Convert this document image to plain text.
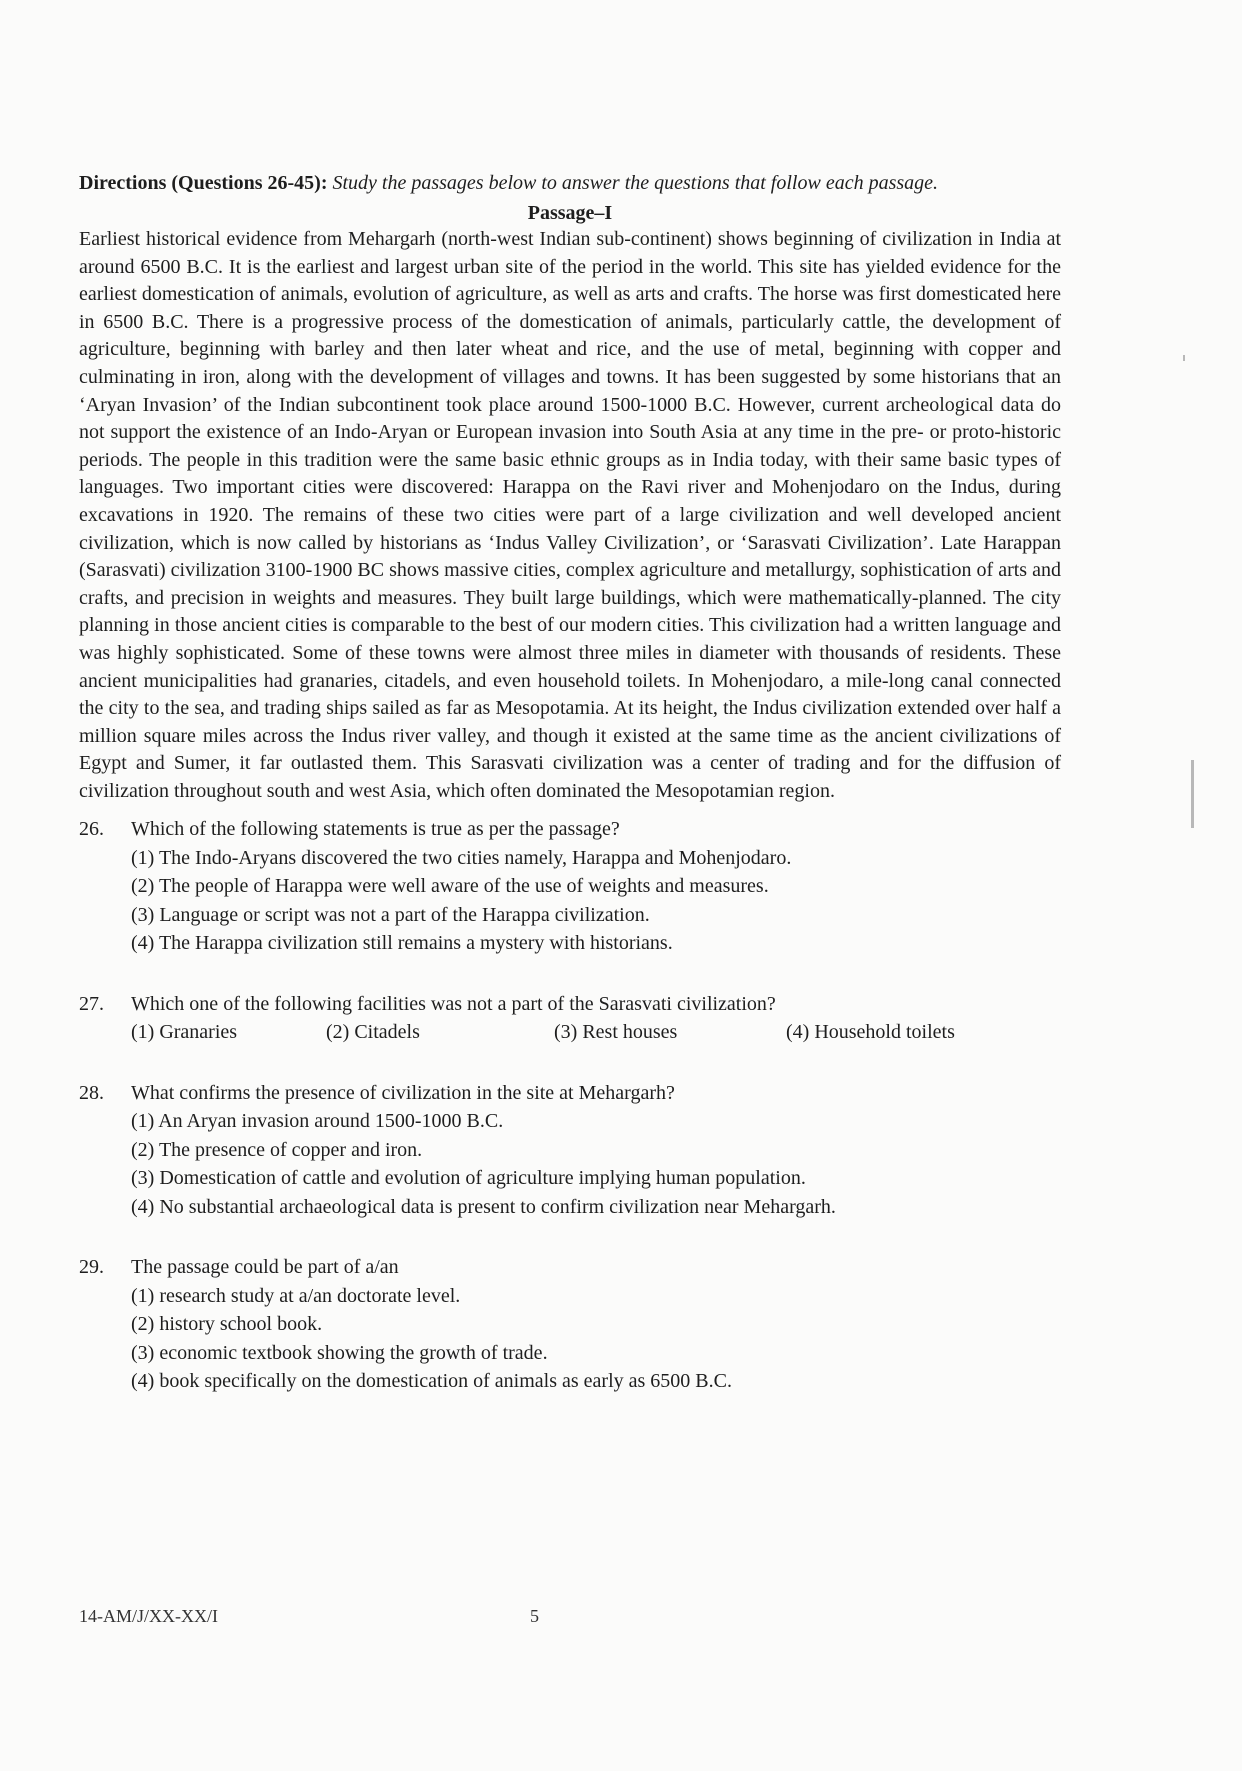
Directions (Questions 26-45): Study the passages below to answer the questions that follow each passage.

Passage–I

Earliest historical evidence from Mehargarh (north-west Indian sub-continent) shows beginning of civilization in India at around 6500 B.C. It is the earliest and largest urban site of the period in the world. This site has yielded evidence for the earliest domestication of animals, evolution of agriculture, as well as arts and crafts. The horse was first domesticated here in 6500 B.C. There is a progressive process of the domestication of animals, particularly cattle, the development of agriculture, beginning with barley and then later wheat and rice, and the use of metal, beginning with copper and culminating in iron, along with the development of villages and towns. It has been suggested by some historians that an ‘Aryan Invasion’ of the Indian subcontinent took place around 1500-1000 B.C. However, current archeological data do not support the existence of an Indo-Aryan or European invasion into South Asia at any time in the pre- or proto-historic periods. The people in this tradition were the same basic ethnic groups as in India today, with their same basic types of languages. Two important cities were discovered: Harappa on the Ravi river and Mohenjodaro on the Indus, during excavations in 1920. The remains of these two cities were part of a large civilization and well developed ancient civilization, which is now called by historians as ‘Indus Valley Civilization’, or ‘Sarasvati Civilization’. Late Harappan (Sarasvati) civilization 3100-1900 BC shows massive cities, complex agriculture and metallurgy, sophistication of arts and crafts, and precision in weights and measures. They built large buildings, which were mathematically-planned. The city planning in those ancient cities is comparable to the best of our modern cities. This civilization had a written language and was highly sophisticated. Some of these towns were almost three miles in diameter with thousands of residents. These ancient municipalities had granaries, citadels, and even household toilets. In Mohenjodaro, a mile-long canal connected the city to the sea, and trading ships sailed as far as Mesopotamia. At its height, the Indus civilization extended over half a million square miles across the Indus river valley, and though it existed at the same time as the ancient civilizations of Egypt and Sumer, it far outlasted them. This Sarasvati civilization was a center of trading and for the diffusion of civilization throughout south and west Asia, which often dominated the Mesopotamian region.

26.	Which of the following statements is true as per the passage?
(1) The Indo-Aryans discovered the two cities namely, Harappa and Mohenjodaro.
(2) The people of Harappa were well aware of the use of weights and measures.
(3) Language or script was not a part of the Harappa civilization.
(4) The Harappa civilization still remains a mystery with historians.
27.	Which one of the following facilities was not a part of the Sarasvati civilization?
(1) Granaries	(2) Citadels	(3) Rest houses	(4) Household toilets
28.	What confirms the presence of civilization in the site at Mehargarh?
(1) An Aryan invasion around 1500-1000 B.C.
(2) The presence of copper and iron.
(3) Domestication of cattle and evolution of agriculture implying human population.
(4) No substantial archaeological data is present to confirm civilization near Mehargarh.
29.	The passage could be part of a/an
(1) research study at a/an doctorate level.
(2) history school book.
(3) economic textbook showing the growth of trade.
(4) book specifically on the domestication of animals as early as 6500 B.C.
14-AM/J/XX-XX/I	5
